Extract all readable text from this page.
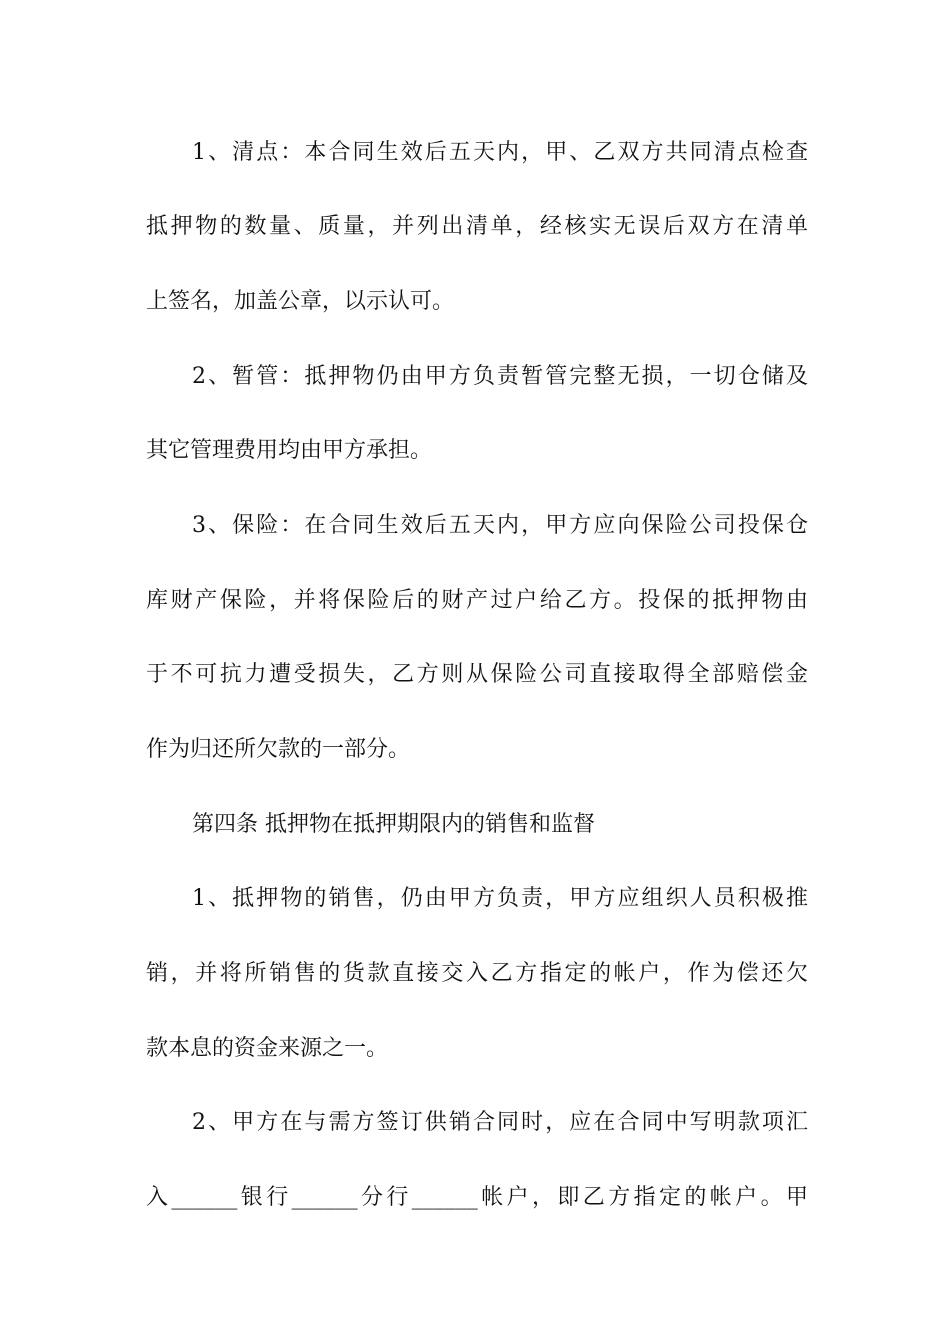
1、清点：本合同生效后五天内，甲、乙双方共同清点检查
抵押物的数量、质量，并列出清单，经核实无误后双方在清单
上签名，加盖公章，以示认可。
2、暂管：抵押物仍由甲方负责暂管完整无损，一切仓储及
其它管理费用均由甲方承担。
3、保险：在合同生效后五天内，甲方应向保险公司投保仓
库财产保险，并将保险后的财产过户给乙方。投保的抵押物由
于不可抗力遭受损失，乙方则从保险公司直接取得全部赔偿金
作为归还所欠款的一部分。
第四条 抵押物在抵押期限内的销售和监督
1、抵押物的销售，仍由甲方负责，甲方应组织人员积极推
销，并将所销售的货款直接交入乙方指定的帐户，作为偿还欠
款本息的资金来源之一。
2、甲方在与需方签订供销合同时，应在合同中写明款项汇
入______银行______分行______帐户，即乙方指定的帐户。甲
